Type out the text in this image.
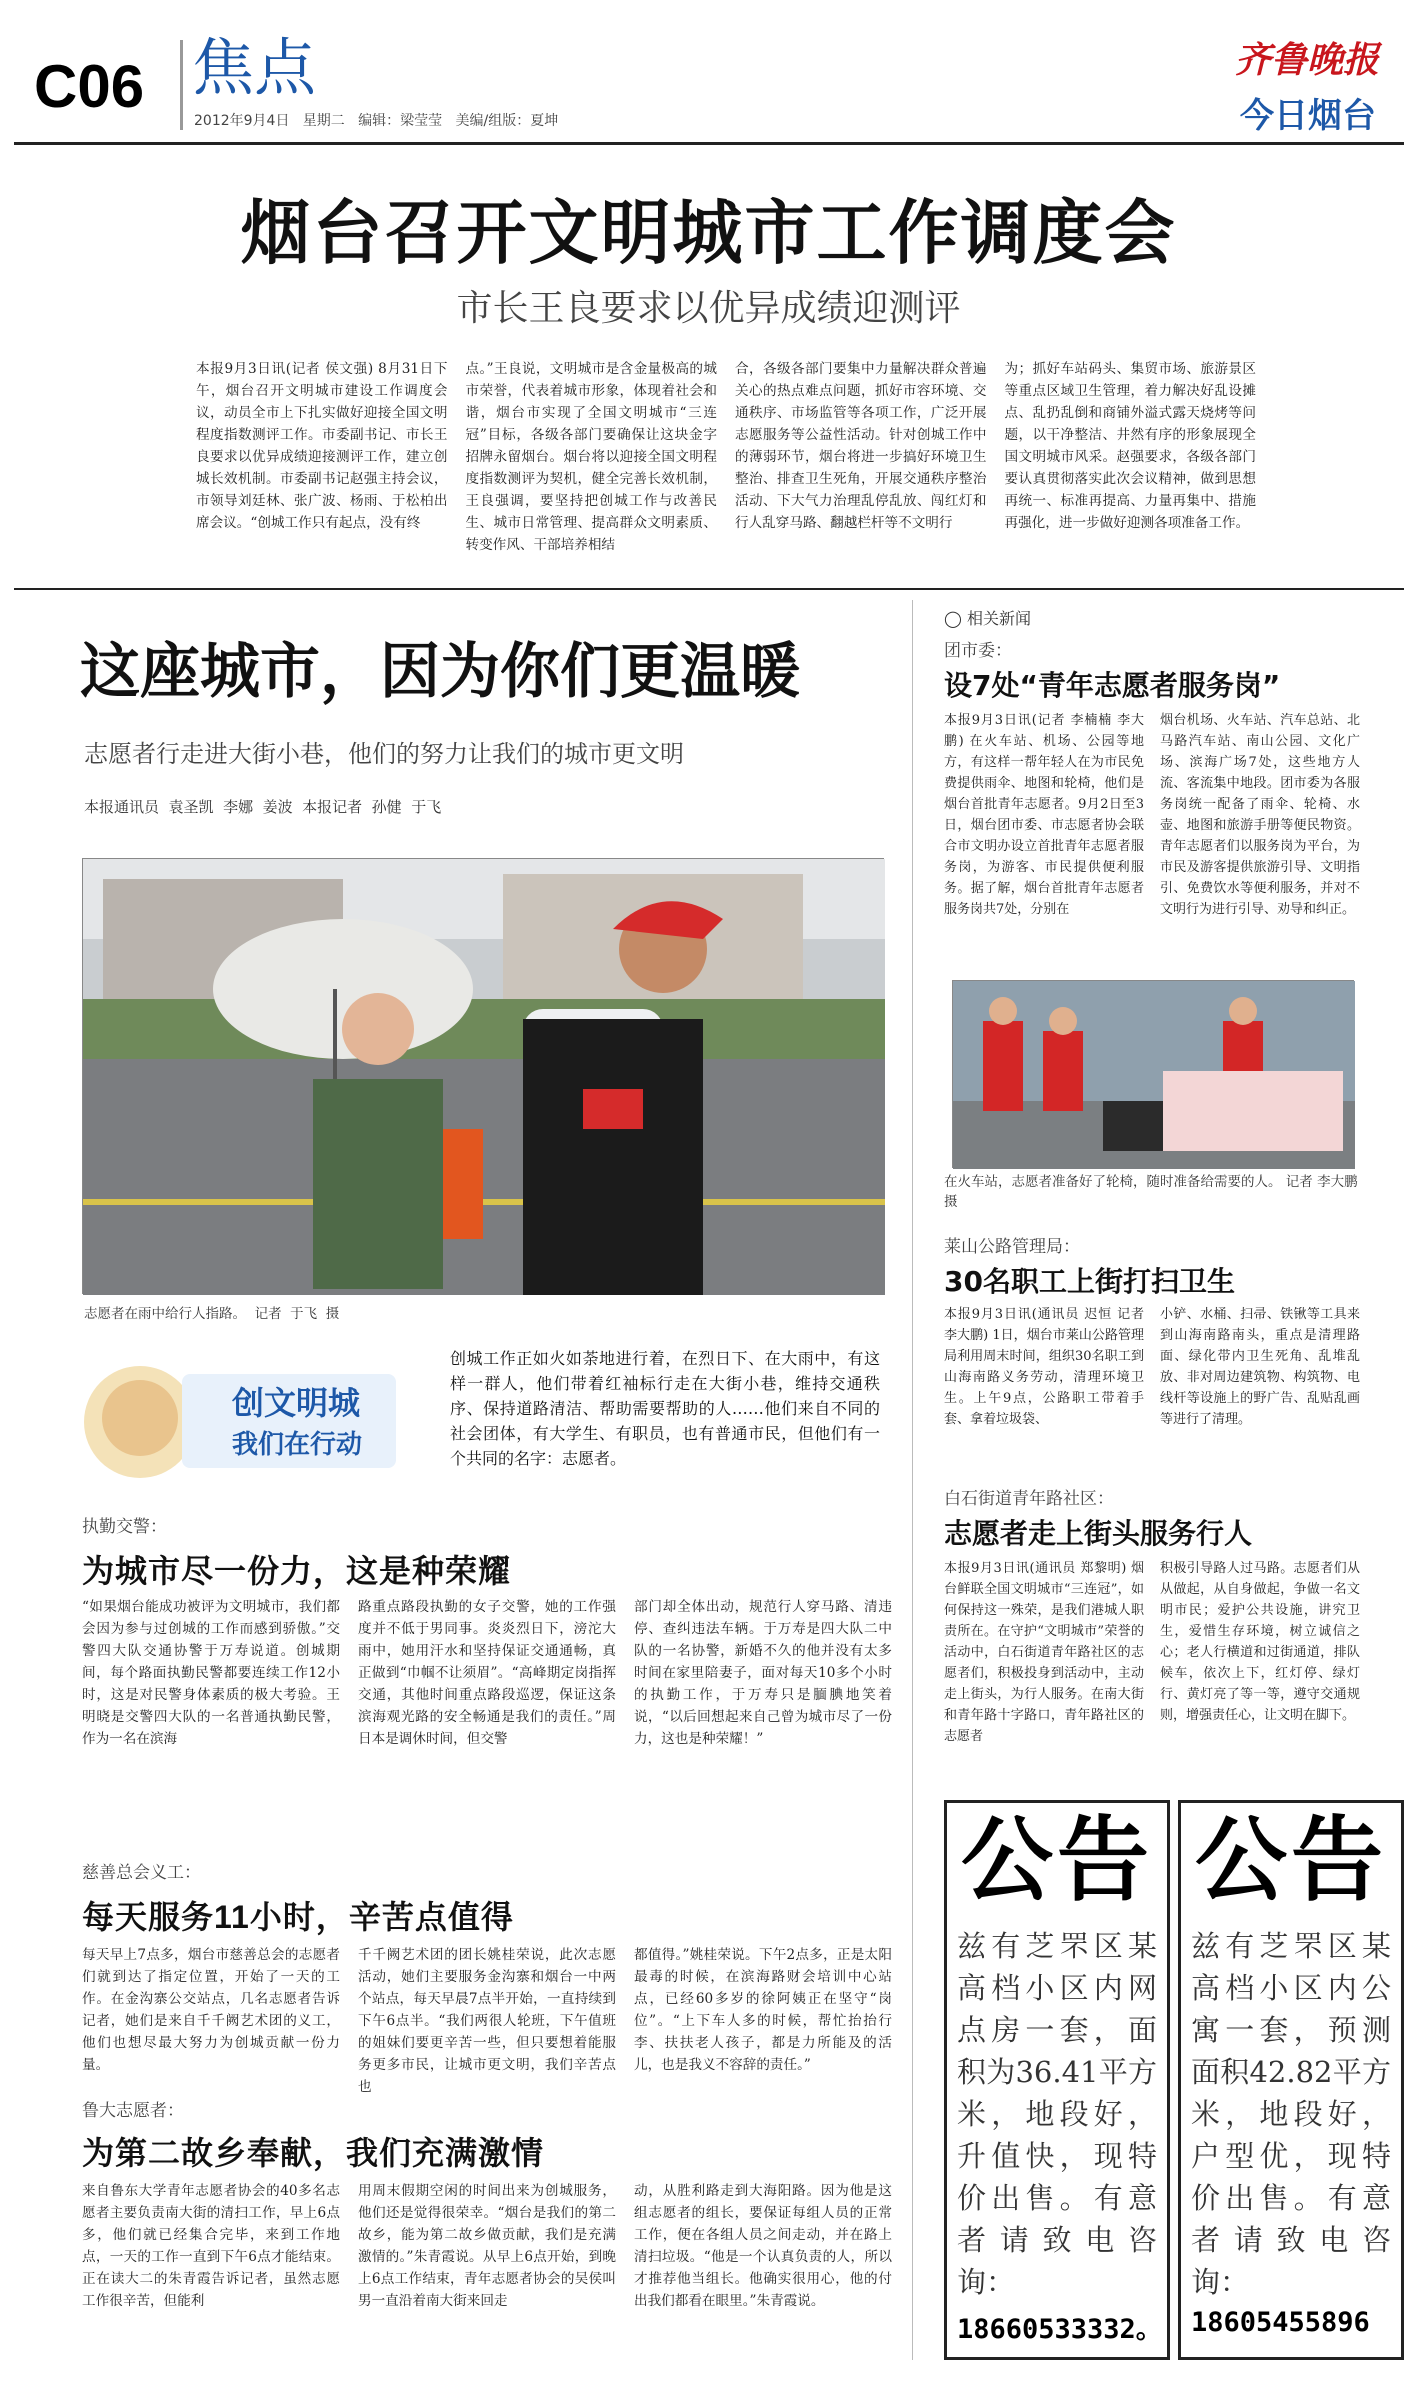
C06 焦点
2012年9月4日   星期二   编辑：梁莹莹   美编/组版：夏坤
齐鲁晚报
今日烟台
烟台召开文明城市工作调度会
市长王良要求以优异成绩迎测评
本报9月3日讯(记者 侯文强) 8月31日下午，烟台召开文明城市建设工作调度会议，动员全市上下扎实做好迎接全国文明程度指数测评工作。市委副书记、市长王良要求以优异成绩迎接测评工作，建立创城长效机制。市委副书记赵强主持会议，市领导刘廷林、张广波、杨雨、于松柏出席会议。“创城工作只有起点，没有终
点。”王良说，文明城市是含金量极高的城市荣誉，代表着城市形象，体现着社会和谐，烟台市实现了全国文明城市“三连冠”目标，各级各部门要确保让这块金字招牌永留烟台。烟台将以迎接全国文明程度指数测评为契机，健全完善长效机制，王良强调，要坚持把创城工作与改善民生、城市日常管理、提高群众文明素质、转变作风、干部培养相结
合，各级各部门要集中力量解决群众普遍关心的热点难点问题，抓好市容环境、交通秩序、市场监管等各项工作，广泛开展志愿服务等公益性活动。针对创城工作中的薄弱环节，烟台将进一步搞好环境卫生整治、排查卫生死角，开展交通秩序整治活动、下大气力治理乱停乱放、闯红灯和行人乱穿马路、翻越栏杆等不文明行
为；抓好车站码头、集贸市场、旅游景区等重点区域卫生管理，着力解决好乱设摊点、乱扔乱倒和商铺外溢式露天烧烤等问题，以干净整洁、井然有序的形象展现全国文明城市风采。赵强要求，各级各部门要认真贯彻落实此次会议精神，做到思想再统一、标准再提高、力量再集中、措施再强化，进一步做好迎测各项准备工作。
这座城市，因为你们更温暖
志愿者行走进大街小巷，他们的努力让我们的城市更文明
本报通讯员  袁圣凯  李娜  姜波  本报记者  孙健  于飞
志愿者在雨中给行人指路。  记者  于飞  摄
创文明城
我们在行动
创城工作正如火如荼地进行着，在烈日下、在大雨中，有这样一群人，他们带着红袖标行走在大街小巷，维持交通秩序、保持道路清洁、帮助需要帮助的人……他们来自不同的社会团体，有大学生、有职员，也有普通市民，但他们有一个共同的名字：志愿者。
执勤交警：
为城市尽一份力，这是种荣耀
“如果烟台能成功被评为文明城市，我们都会因为参与过创城的工作而感到骄傲。”交警四大队交通协警于万寿说道。创城期间，每个路面执勤民警都要连续工作12小时，这是对民警身体素质的极大考验。王明晓是交警四大队的一名普通执勤民警，作为一名在滨海
路重点路段执勤的女子交警，她的工作强度并不低于男同事。炎炎烈日下，滂沱大雨中，她用汗水和坚持保证交通通畅，真正做到“巾帼不让须眉”。“高峰期定岗指挥交通，其他时间重点路段巡逻，保证这条滨海观光路的安全畅通是我们的责任。”周日本是调休时间，但交警
部门却全体出动，规范行人穿马路、清违停、查纠违法车辆。于万寿是四大队二中队的一名协警，新婚不久的他并没有太多时间在家里陪妻子，面对每天10多个小时的执勤工作，于万寿只是腼腆地笑着说，“以后回想起来自己曾为城市尽了一份力，这也是种荣耀！”
慈善总会义工：
每天服务11小时，辛苦点值得
每天早上7点多，烟台市慈善总会的志愿者们就到达了指定位置，开始了一天的工作。在金沟寨公交站点，几名志愿者告诉记者，她们是来自千千阙艺术团的义工，他们也想尽最大努力为创城贡献一份力量。
千千阙艺术团的团长姚桂荣说，此次志愿活动，她们主要服务金沟寨和烟台一中两个站点，每天早晨7点半开始，一直持续到下午6点半。“我们两很人轮班，下午值班的姐妹们要更辛苦一些，但只要想着能服务更多市民，让城市更文明，我们辛苦点也
都值得。”姚桂荣说。下午2点多，正是太阳最毒的时候，在滨海路财会培训中心站点，已经60多岁的徐阿姨正在坚守“岗位”。“上下车人多的时候，帮忙抬抬行李、扶扶老人孩子，都是力所能及的活儿，也是我义不容辞的责任。”
鲁大志愿者：
为第二故乡奉献，我们充满激情
来自鲁东大学青年志愿者协会的40多名志愿者主要负责南大街的清扫工作，早上6点多，他们就已经集合完毕，来到工作地点，一天的工作一直到下午6点才能结束。正在读大二的朱青霞告诉记者，虽然志愿工作很辛苦，但能利
用周末假期空闲的时间出来为创城服务，他们还是觉得很荣幸。“烟台是我们的第二故乡，能为第二故乡做贡献，我们是充满激情的。”朱青霞说。从早上6点开始，到晚上6点工作结束，青年志愿者协会的吴侯叫男一直沿着南大街来回走
动，从胜利路走到大海阳路。因为他是这组志愿者的组长，要保证每组人员的正常工作，便在各组人员之间走动，并在路上清扫垃圾。“他是一个认真负责的人，所以才推荐他当组长。他确实很用心，他的付出我们都看在眼里。”朱青霞说。
◯ 相关新闻
团市委：
设7处“青年志愿者服务岗”
本报9月3日讯(记者 李楠楠 李大鹏) 在火车站、机场、公园等地方，有这样一帮年轻人在为市民免费提供雨伞、地图和轮椅，他们是烟台首批青年志愿者。9月2日至3日，烟台团市委、市志愿者协会联合市文明办设立首批青年志愿者服务岗，为游客、市民提供便利服务。据了解，烟台首批青年志愿者服务岗共7处，分别在
烟台机场、火车站、汽车总站、北马路汽车站、南山公园、文化广场、滨海广场7处，这些地方人流、客流集中地段。团市委为各服务岗统一配备了雨伞、轮椅、水壶、地图和旅游手册等便民物资。青年志愿者们以服务岗为平台，为市民及游客提供旅游引导、文明指引、免费饮水等便利服务，并对不文明行为进行引导、劝导和纠正。
在火车站，志愿者准备好了轮椅，随时准备给需要的人。 记者 李大鹏 摄
莱山公路管理局：
30名职工上街打扫卫生
本报9月3日讯(通讯员 迟恒 记者 李大鹏) 1日，烟台市莱山公路管理局利用周末时间，组织30名职工到山海南路义务劳动，清理环境卫生。上午9点，公路职工带着手套、拿着垃圾袋、
小铲、水桶、扫帚、铁锹等工具来到山海南路南头，重点是清理路面、绿化带内卫生死角、乱堆乱放、非对周边建筑物、构筑物、电线杆等设施上的野广告、乱贴乱画等进行了清理。
白石街道青年路社区：
志愿者走上街头服务行人
本报9月3日讯(通讯员 郑黎明) 烟台鲜联全国文明城市“三连冠”，如何保持这一殊荣，是我们港城人职责所在。在守护“文明城市”荣誉的活动中，白石街道青年路社区的志愿者们，积极投身到活动中，主动走上街头，为行人服务。在南大街和青年路十字路口，青年路社区的志愿者
积极引导路人过马路。志愿者们从从做起，从自身做起，争做一名文明市民；爱护公共设施，讲究卫生，爱惜生存环境，树立诚信之心；老人行横道和过街通道，排队候车，依次上下，红灯停、绿灯行、黄灯亮了等一等，遵守交通规则，增强责任心，让文明在脚下。
公告
兹有芝罘区某高档小区内网点房一套，面积为36.41平方米，地段好，升值快，现特价出售。有意者请致电咨询：
18660533332。
公告
兹有芝罘区某高档小区内公寓一套，预测面积42.82平方米，地段好，户型优，现特价出售。有意者请致电咨询：
18605455896
